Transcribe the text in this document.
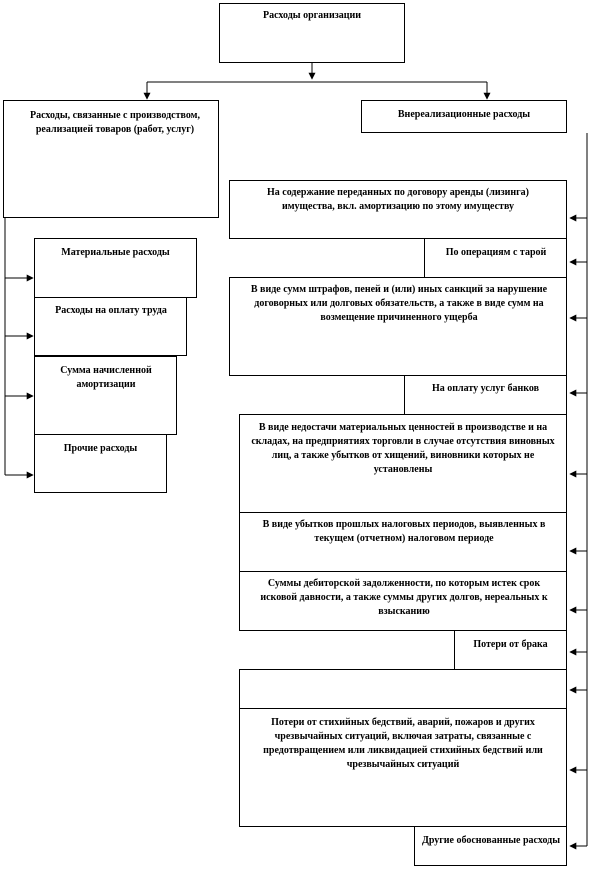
Расходы организации
Расходы, связанные с производством, реализацией товаров (работ, услуг)
Материальные расходы
Расходы на оплату труда
Сумма начисленной амортизации
Прочие расходы
Внереализационные расходы
На содержание переданных по договору аренды (лизинга) имущества, вкл. амортизацию по этому имуществу
По операциям с тарой
В виде сумм штрафов, пеней и (или) иных санкций за нарушение договорных или долговых обязательств, а также в виде сумм на возмещение причиненного ущерба
На оплату услуг банков
В виде недостачи материальных ценностей в производстве и на складах, на предприятиях торговли в случае отсутствия виновных лиц, а также убытков от хищений, виновники которых не установлены
В виде убытков прошлых налоговых периодов, выявленных в текущем (отчетном) налоговом периоде
Суммы дебиторской задолженности, по которым истек срок исковой давности, а также суммы других долгов, нереальных к взысканию
Потери от брака
Потери от стихийных бедствий, аварий, пожаров и других чрезвычайных ситуаций, включая затраты, связанные с предотвращением или ликвидацией стихийных бедствий или чрезвычайных ситуаций
Другие обоснованные расходы
